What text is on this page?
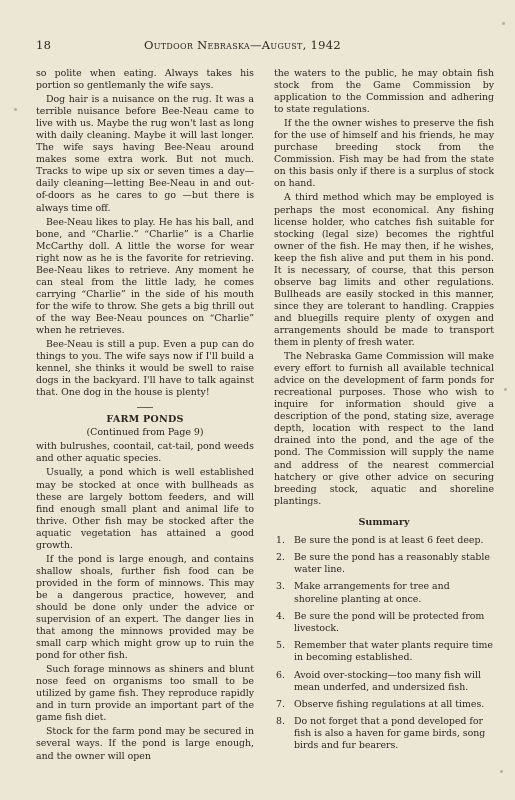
18	Outdoor Nebraska—August, 1942

so polite when eating. Always takes his portion so gentlemanly the wife says.

Dog hair is a nuisance on the rug. It was a terrible nuisance before Bee-Neau came to live with us. Maybe the rug won't last as long with daily cleaning. Maybe it will last longer. The wife says having Bee-Neau around makes some extra work. But not much. Tracks to wipe up six or seven times a day—daily cleaning—letting Bee-Neau in and out-of-doors as he cares to go —but there is always time off.

Bee-Neau likes to play. He has his ball, and bone, and “Charlie.” “Charlie” is a Charlie McCarthy doll. A little the worse for wear right now as he is the favorite for retrieving. Bee-Neau likes to retrieve. Any moment he can steal from the little lady, he comes carrying “Charlie” in the side of his mouth for the wife to throw. She gets a big thrill out of the way Bee-Neau pounces on “Charlie” when he retrieves.

Bee-Neau is still a pup. Even a pup can do things to you. The wife says now if I'll build a kennel, she thinks it would be swell to raise dogs in the backyard. I'll have to talk against that. One dog in the house is plenty!

FARM PONDS
(Continued from Page 9)

with bulrushes, coontail, cat-tail, pond weeds and other aquatic species.

Usually, a pond which is well established may be stocked at once with bullheads as these are largely bottom feeders, and will find enough small plant and animal life to thrive. Other fish may be stocked after the aquatic vegetation has attained a good growth.

If the pond is large enough, and contains shallow shoals, further fish food can be provided in the form of minnows. This may be a dangerous practice, however, and should be done only under the advice or supervision of an expert. The danger lies in that among the minnows provided may be small carp which might grow up to ruin the pond for other fish.

Such forage minnows as shiners and blunt nose feed on organisms too small to be utilized by game fish. They reproduce rapidly and in turn provide an important part of the game fish diet.

Stock for the farm pond may be secured in several ways. If the pond is large enough, and the owner will open

the waters to the public, he may obtain fish stock from the Game Commission by application to the Commission and adhering to state regulations.

If the the owner wishes to preserve the fish for the use of himself and his friends, he may purchase breeding stock from the Commission. Fish may be had from the state on this basis only if there is a surplus of stock on hand.

A third method which may be employed is perhaps the most economical. Any fishing license holder, who catches fish suitable for stocking (legal size) becomes the rightful owner of the fish. He may then, if he wishes, keep the fish alive and put them in his pond. It is necessary, of course, that this person observe bag limits and other regulations. Bullheads are easily stocked in this manner, since they are tolerant to handling. Crappies and bluegills require plenty of oxygen and arrangements should be made to transport them in plenty of fresh water.

The Nebraska Game Commission will make every effort to furnish all available technical advice on the development of farm ponds for recreational purposes. Those who wish to inquire for information should give a description of the pond, stating size, average depth, location with respect to the land drained into the pond, and the age of the pond. The Commission will supply the name and address of the nearest commercial hatchery or give other advice on securing breeding stock, aquatic and shoreline plantings.

Summary
1. Be sure the pond is at least 6 feet deep.
2. Be sure the pond has a reasonably stable water line.
3. Make arrangements for tree and shoreline planting at once.
4. Be sure the pond will be protected from livestock.
5. Remember that water plants require time in becoming established.
6. Avoid over-stocking—too many fish will mean underfed, and undersized fish.
7. Observe fishing regulations at all times.
8. Do not forget that a pond developed for fish is also a haven for game birds, song birds and fur bearers.
